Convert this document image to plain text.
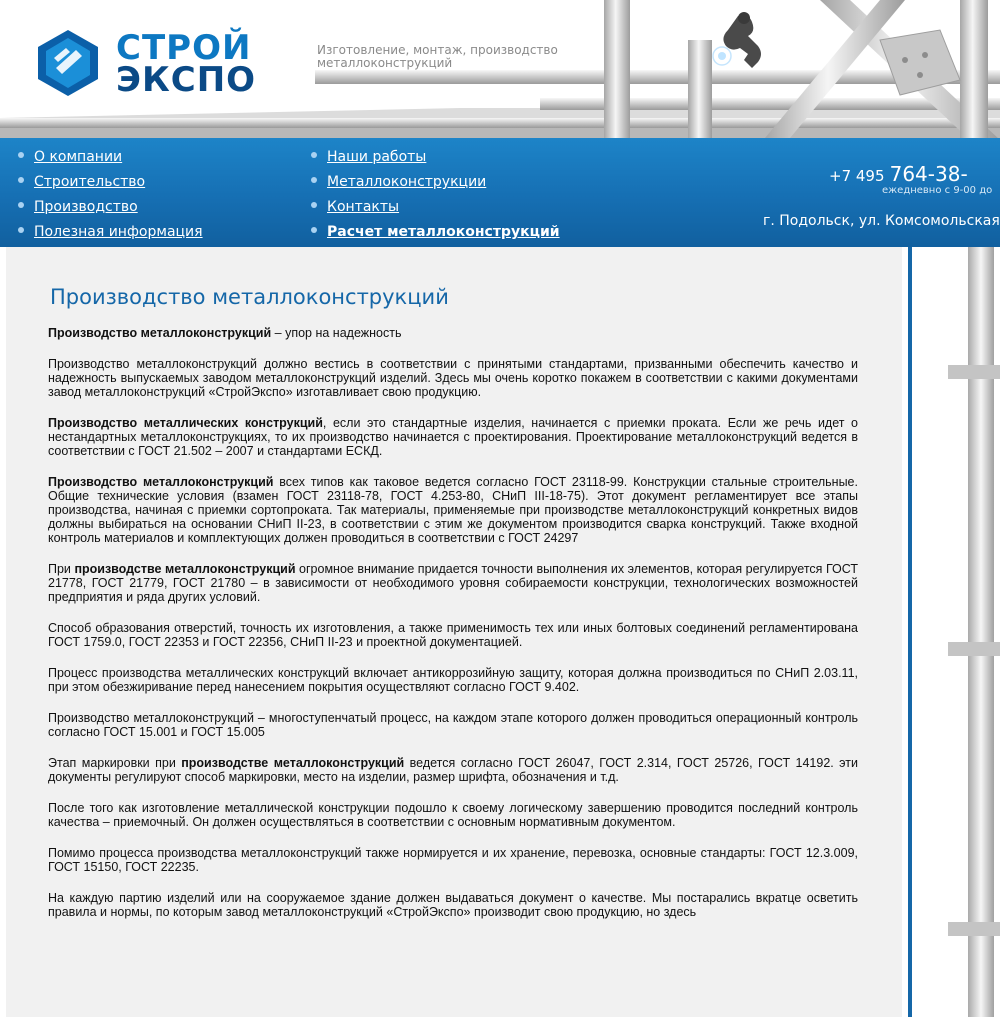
СТРОЙ
ЭКСПО
Изготовление, монтаж, производство металлоконструкций
О компании
Строительство
Производство
Полезная информация
Наши работы
Металлоконструкции
Контакты
Расчет металлоконструкций
+7 495 764-38-
ежедневно с 9-00 до
г. Подольск, ул. Комсомольская
Производство металлоконструкций

Производство металлоконструкций – упор на надежность

Производство металлоконструкций должно вестись в соответствии с принятыми стандартами, призванными обеспечить качество и надежность выпускаемых заводом металлоконструкций изделий. Здесь мы очень коротко покажем в соответствии с какими документами завод металлоконструкций «СтройЭкспо» изготавливает свою продукцию.

Производство металлических конструкций, если это стандартные изделия, начинается с приемки проката. Если же речь идет о нестандартных металлоконструкциях, то их производство начинается с проектирования. Проектирование металлоконструкций ведется в соответствии с ГОСТ 21.502 – 2007 и стандартами ЕСКД.

Производство металлоконструкций всех типов как таковое ведется согласно ГОСТ 23118-99. Конструкции стальные строительные. Общие технические условия (взамен ГОСТ 23118-78, ГОСТ 4.253-80, СНиП III-18-75). Этот документ регламентирует все этапы производства, начиная с приемки сортопроката. Так материалы, применяемые при производстве металлоконструкций конкретных видов должны выбираться на основании СНиП II-23, в соответствии с этим же документом производится сварка конструкций. Также входной контроль материалов и комплектующих должен проводиться в соответствии с ГОСТ 24297

При производстве металлоконструкций огромное внимание придается точности выполнения их элементов, которая регулируется ГОСТ 21778, ГОСТ 21779, ГОСТ 21780 – в зависимости от необходимого уровня собираемости конструкции, технологических возможностей предприятия и ряда других условий.

Способ образования отверстий, точность их изготовления, а также применимость тех или иных болтовых соединений регламентирована ГОСТ 1759.0, ГОСТ 22353 и ГОСТ 22356, СНиП II-23 и проектной документацией.

Процесс производства металлических конструкций включает антикоррозийную защиту, которая должна производиться по СНиП 2.03.11, при этом обезжиривание перед нанесением покрытия осуществляют согласно ГОСТ 9.402.

Производство металлоконструкций – многоступенчатый процесс, на каждом этапе которого должен проводиться операционный контроль согласно ГОСТ 15.001 и ГОСТ 15.005

Этап маркировки при производстве металлоконструкций ведется согласно ГОСТ 26047, ГОСТ 2.314, ГОСТ 25726, ГОСТ 14192. эти документы регулируют способ маркировки, место на изделии, размер шрифта, обозначения и т.д.

После того как изготовление металлической конструкции подошло к своему логическому завершению проводится последний контроль качества – приемочный. Он должен осуществляться в соответствии с основным нормативным документом.

Помимо процесса производства металлоконструкций также нормируется и их хранение, перевозка, основные стандарты: ГОСТ 12.3.009, ГОСТ 15150, ГОСТ 22235.

На каждую партию изделий или на сооружаемое здание должен выдаваться документ о качестве. Мы постарались вкратце осветить правила и нормы, по которым завод металлоконструкций «СтройЭкспо» производит свою продукцию, но здесь
